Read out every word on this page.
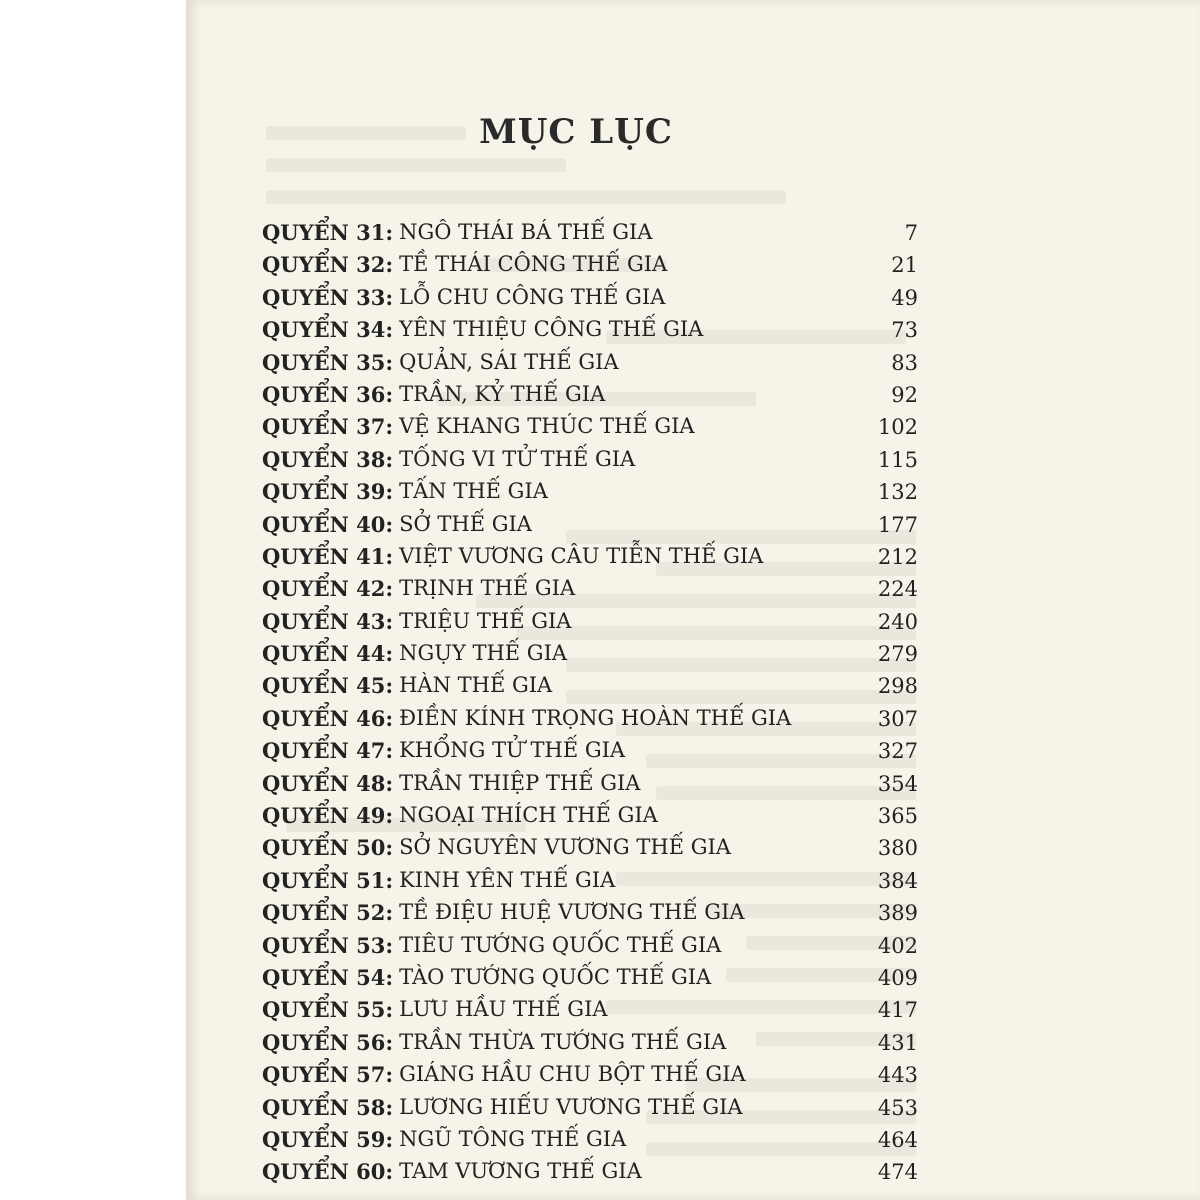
MỤC LỤC
QUYỂN 31: NGÔ THÁI BÁ THẾ GIA	7
QUYỂN 32: TỀ THÁI CÔNG THẾ GIA	21
QUYỂN 33: LỖ CHU CÔNG THẾ GIA	49
QUYỂN 34: YÊN THIỆU CÔNG THẾ GIA	73
QUYỂN 35: QUẢN, SÁI THẾ GIA	83
QUYỂN 36: TRẦN, KỶ THẾ GIA	92
QUYỂN 37: VỆ KHANG THÚC THẾ GIA	102
QUYỂN 38: TỐNG VI TỬ THẾ GIA	115
QUYỂN 39: TẤN THẾ GIA	132
QUYỂN 40: SỞ THẾ GIA	177
QUYỂN 41: VIỆT VƯƠNG CÂU TIỄN THẾ GIA	212
QUYỂN 42: TRỊNH THẾ GIA	224
QUYỂN 43: TRIỆU THẾ GIA	240
QUYỂN 44: NGỤY THẾ GIA	279
QUYỂN 45: HÀN THẾ GIA	298
QUYỂN 46: ĐIỀN KÍNH TRỌNG HOÀN THẾ GIA	307
QUYỂN 47: KHỔNG TỬ THẾ GIA	327
QUYỂN 48: TRẦN THIỆP THẾ GIA	354
QUYỂN 49: NGOẠI THÍCH THẾ GIA	365
QUYỂN 50: SỞ NGUYÊN VƯƠNG THẾ GIA	380
QUYỂN 51: KINH YÊN THẾ GIA	384
QUYỂN 52: TỀ ĐIỆU HUỆ VƯƠNG THẾ GIA	389
QUYỂN 53: TIÊU TƯỚNG QUỐC THẾ GIA	402
QUYỂN 54: TÀO TƯỚNG QUỐC THẾ GIA	409
QUYỂN 55: LƯU HẦU THẾ GIA	417
QUYỂN 56: TRẦN THỪA TƯỚNG THẾ GIA	431
QUYỂN 57: GIÁNG HẦU CHU BỘT THẾ GIA	443
QUYỂN 58: LƯƠNG HIẾU VƯƠNG THẾ GIA	453
QUYỂN 59: NGŨ TÔNG THẾ GIA	464
QUYỂN 60: TAM VƯƠNG THẾ GIA	474
